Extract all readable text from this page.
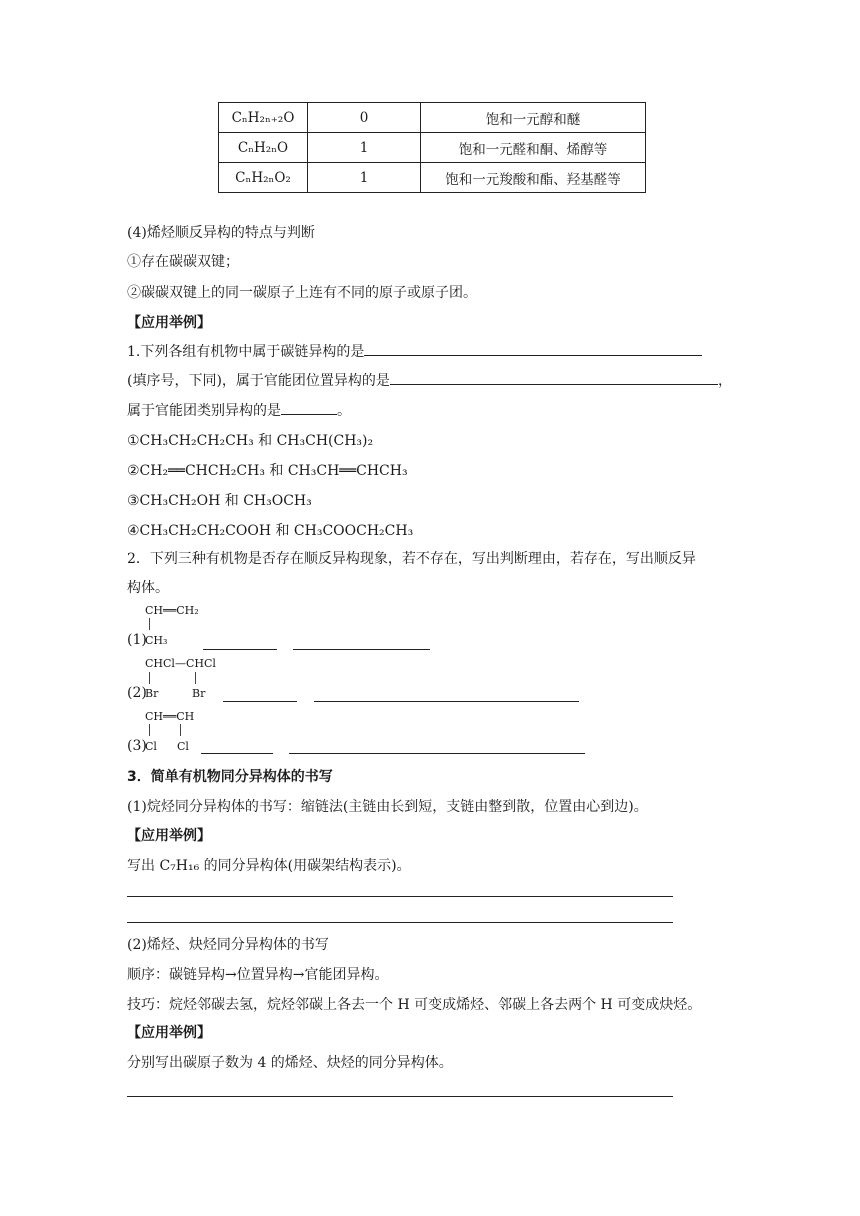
CₙH₂ₙ₊₂O	0	饱和一元醇和醚
CₙH₂ₙO	1	饱和一元醛和酮、烯醇等
CₙH₂ₙO₂	1	饱和一元羧酸和酯、羟基醛等
(4)烯烃顺反异构的特点与判断
①存在碳碳双键；
②碳碳双键上的同一碳原子上连有不同的原子或原子团。
【应用举例】
1.下列各组有机物中属于碳链异构的是
(填序号，下同)，属于官能团位置异构的是	，
属于官能团类别异构的是	。
①CH₃CH₂CH₂CH₃ 和 CH₃CH(CH₃)₂
②CH₂══CHCH₂CH₃ 和 CH₃CH══CHCH₃
③CH₃CH₂OH 和 CH₃OCH₃
④CH₃CH₂CH₂COOH 和 CH₃COOCH₂CH₃
2．下列三种有机物是否存在顺反异构现象，若不存在，写出判断理由，若存在，写出顺反异
构体。
CH══CH₂
(1)
CH₃
CHCl—CHCl
(2)
Br	Br
CH══CH
(3)
Cl Cl
3．简单有机物同分异构体的书写
(1)烷烃同分异构体的书写：缩链法(主链由长到短，支链由整到散，位置由心到边)。
【应用举例】
写出 C₇H₁₆ 的同分异构体(用碳架结构表示)。
(2)烯烃、炔烃同分异构体的书写
顺序：碳链异构→位置异构→官能团异构。
技巧：烷烃邻碳去氢，烷烃邻碳上各去一个 H 可变成烯烃、邻碳上各去两个 H 可变成炔烃。
【应用举例】
分别写出碳原子数为 4 的烯烃、炔烃的同分异构体。
